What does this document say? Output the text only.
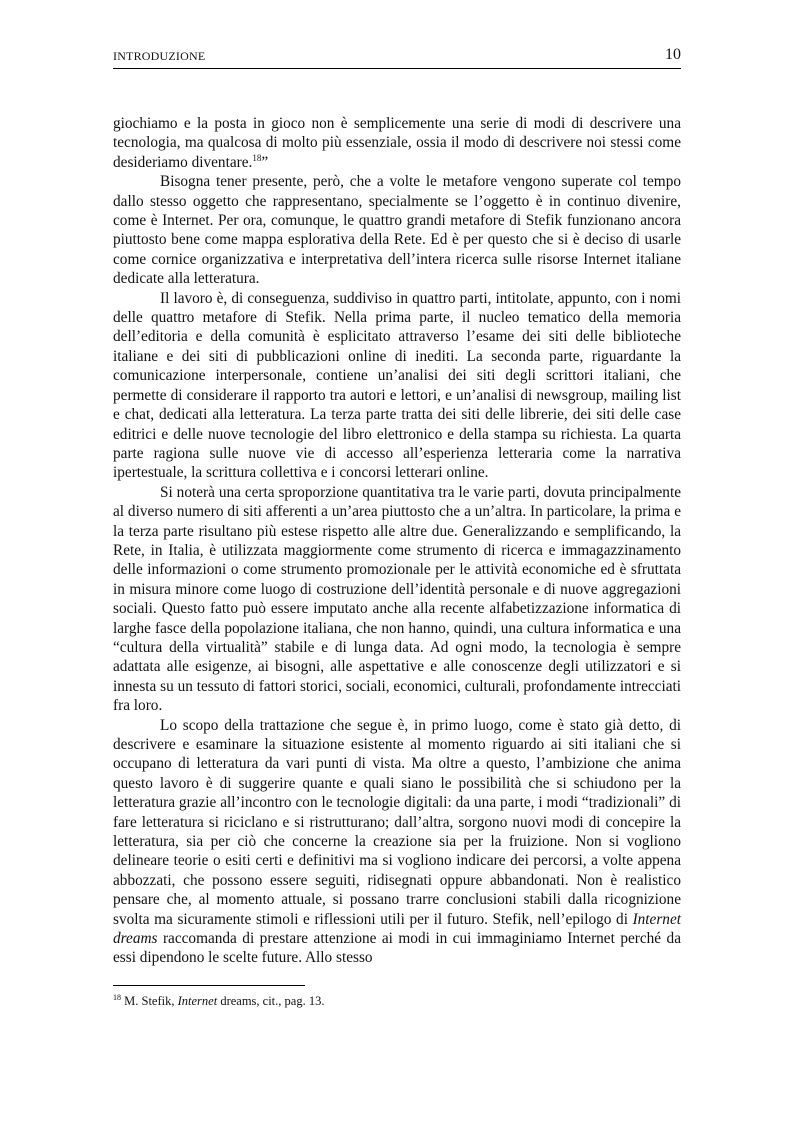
INTRODUZIONE	10

giochiamo e la posta in gioco non è semplicemente una serie di modi di descrivere una tecnologia, ma qualcosa di molto più essenziale, ossia il modo di descrivere noi stessi come desideriamo diventare.$^{18}$”

Bisogna tener presente, però, che a volte le metafore vengono superate col tempo dallo stesso oggetto che rappresentano, specialmente se l’oggetto è in continuo divenire, come è Internet. Per ora, comunque, le quattro grandi metafore di Stefik funzionano ancora piuttosto bene come mappa esplorativa della Rete. Ed è per questo che si è deciso di usarle come cornice organizzativa e interpretativa dell’intera ricerca sulle risorse Internet italiane dedicate alla letteratura.

Il lavoro è, di conseguenza, suddiviso in quattro parti, intitolate, appunto, con i nomi delle quattro metafore di Stefik. Nella prima parte, il nucleo tematico della memoria dell’editoria e della comunità è esplicitato attraverso l’esame dei siti delle biblioteche italiane e dei siti di pubblicazioni online di inediti. La seconda parte, riguardante la comunicazione interpersonale, contiene un’analisi dei siti degli scrittori italiani, che permette di considerare il rapporto tra autori e lettori, e un’analisi di newsgroup, mailing list e chat, dedicati alla letteratura. La terza parte tratta dei siti delle librerie, dei siti delle case editrici e delle nuove tecnologie del libro elettronico e della stampa su richiesta. La quarta parte ragiona sulle nuove vie di accesso all’esperienza letteraria come la narrativa ipertestuale, la scrittura collettiva e i concorsi letterari online.

Si noterà una certa sproporzione quantitativa tra le varie parti, dovuta principalmente al diverso numero di siti afferenti a un’area piuttosto che a un’altra. In particolare, la prima e la terza parte risultano più estese rispetto alle altre due. Generalizzando e semplificando, la Rete, in Italia, è utilizzata maggiormente come strumento di ricerca e immagazzinamento delle informazioni o come strumento promozionale per le attività economiche ed è sfruttata in misura minore come luogo di costruzione dell’identità personale e di nuove aggregazioni sociali. Questo fatto può essere imputato anche alla recente alfabetizzazione informatica di larghe fasce della popolazione italiana, che non hanno, quindi, una cultura informatica e una “cultura della virtualità” stabile e di lunga data. Ad ogni modo, la tecnologia è sempre adattata alle esigenze, ai bisogni, alle aspettative e alle conoscenze degli utilizzatori e si innesta su un tessuto di fattori storici, sociali, economici, culturali, profondamente intrecciati fra loro.

Lo scopo della trattazione che segue è, in primo luogo, come è stato già detto, di descrivere e esaminare la situazione esistente al momento riguardo ai siti italiani che si occupano di letteratura da vari punti di vista. Ma oltre a questo, l’ambizione che anima questo lavoro è di suggerire quante e quali siano le possibilità che si schiudono per la letteratura grazie all’incontro con le tecnologie digitali: da una parte, i modi “tradizionali” di fare letteratura si riciclano e si ristrutturano; dall’altra, sorgono nuovi modi di concepire la letteratura, sia per ciò che concerne la creazione sia per la fruizione. Non si vogliono delineare teorie o esiti certi e definitivi ma si vogliono indicare dei percorsi, a volte appena abbozzati, che possono essere seguiti, ridisegnati oppure abbandonati. Non è realistico pensare che, al momento attuale, si possano trarre conclusioni stabili dalla ricognizione svolta ma sicuramente stimoli e riflessioni utili per il futuro. Stefik, nell’epilogo di Internet dreams raccomanda di prestare attenzione ai modi in cui immaginiamo Internet perché da essi dipendono le scelte future. Allo stesso

$^{18}$ M. Stefik, Internet dreams, cit., pag. 13.
